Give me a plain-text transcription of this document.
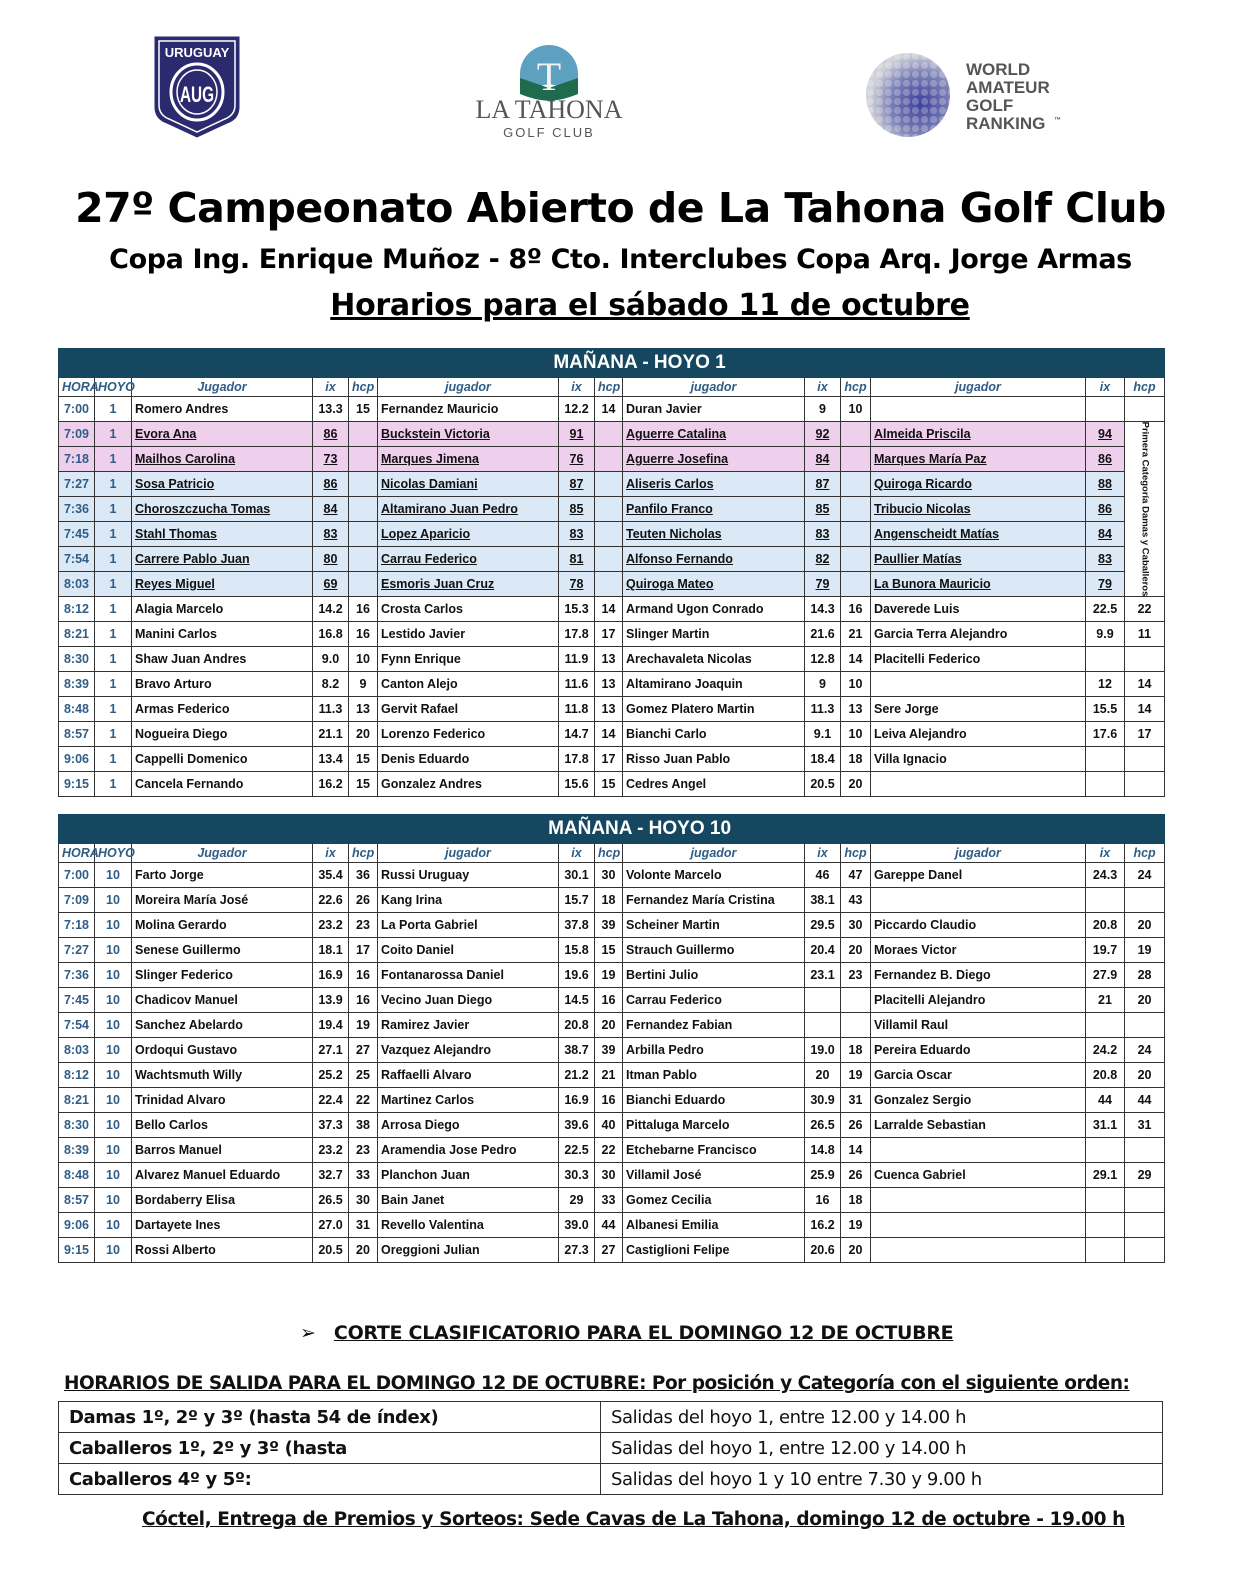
URUGUAY
AUG	T
LA TAHONA
GOLF CLUB
WORLD
AMATEUR
GOLF
RANKING ™
27º Campeonato Abierto de La Tahona Golf Club
Copa Ing. Enrique Muñoz - 8º Cto. Interclubes Copa Arq. Jorge Armas
Horarios para el sábado 11 de octubre
MAÑANA - HOYO 1													
HORA	HOYO	Jugador	ix	hcp	jugador	ix	hcp	jugador	ix	hcp	jugador	ix	hcp
7:00	1	Romero Andres	13.3	15	Fernandez Mauricio	12.2	14	Duran Javier	9	10			
7:09	1	Evora Ana	86		Buckstein Victoria	91		Aguerre Catalina	92		Almeida Priscila	94	Primera Categoría Damas y Caballeros

7:18	1	Mailhos Carolina	73		Marques Jimena	76		Aguerre Josefina	84		Marques María Paz	86	
7:27	1	Sosa Patricio	86		Nicolas Damiani	87		Aliseris Carlos	87		Quiroga Ricardo	88	
7:36	1	Choroszczucha Tomas	84		Altamirano Juan Pedro	85		Panfilo Franco	85		Tribucio Nicolas	86	
7:45	1	Stahl Thomas	83		Lopez Aparicio	83		Teuten Nicholas	83		Angenscheidt Matías	84	
7:54	1	Carrere Pablo Juan	80		Carrau Federico	81		Alfonso Fernando	82		Paullier Matías	83	
8:03	1	Reyes Miguel	69		Esmoris Juan Cruz	78		Quiroga Mateo	79		La Bunora Mauricio	79	
8:12	1	Alagia Marcelo	14.2	16	Crosta Carlos	15.3	14	Armand Ugon Conrado	14.3	16	Daverede Luis	22.5	22
8:21	1	Manini Carlos	16.8	16	Lestido Javier	17.8	17	Slinger Martin	21.6	21	Garcia Terra Alejandro	9.9	11
8:30	1	Shaw Juan Andres	9.0	10	Fynn Enrique	11.9	13	Arechavaleta Nicolas	12.8	14	Placitelli Federico		
8:39	1	Bravo Arturo	8.2	9	Canton Alejo	11.6	13	Altamirano Joaquin	9	10		12	14
8:48	1	Armas Federico	11.3	13	Gervit Rafael	11.8	13	Gomez Platero Martin	11.3	13	Sere Jorge	15.5	14
8:57	1	Nogueira Diego	21.1	20	Lorenzo Federico	14.7	14	Bianchi Carlo	9.1	10	Leiva Alejandro	17.6	17
9:06	1	Cappelli Domenico	13.4	15	Denis Eduardo	17.8	17	Risso Juan Pablo	18.4	18	Villa Ignacio		
9:15	1	Cancela Fernando	16.2	15	Gonzalez Andres	15.6	15	Cedres Angel	20.5	20			
MAÑANA - HOYO 10													
HORA	HOYO	Jugador	ix	hcp	jugador	ix	hcp	jugador	ix	hcp	jugador	ix	hcp
7:00	10	Farto Jorge	35.4	36	Russi Uruguay	30.1	30	Volonte Marcelo	46	47	Gareppe Danel	24.3	24
7:09	10	Moreira María José	22.6	26	Kang Irina	15.7	18	Fernandez María Cristina	38.1	43			
7:18	10	Molina Gerardo	23.2	23	La Porta Gabriel	37.8	39	Scheiner Martin	29.5	30	Piccardo Claudio	20.8	20
7:27	10	Senese Guillermo	18.1	17	Coito Daniel	15.8	15	Strauch Guillermo	20.4	20	Moraes Victor	19.7	19
7:36	10	Slinger Federico	16.9	16	Fontanarossa Daniel	19.6	19	Bertini Julio	23.1	23	Fernandez B. Diego	27.9	28
7:45	10	Chadicov Manuel	13.9	16	Vecino Juan Diego	14.5	16	Carrau Federico			Placitelli Alejandro	21	20
7:54	10	Sanchez Abelardo	19.4	19	Ramirez Javier	20.8	20	Fernandez Fabian			Villamil Raul		
8:03	10	Ordoqui Gustavo	27.1	27	Vazquez Alejandro	38.7	39	Arbilla Pedro	19.0	18	Pereira Eduardo	24.2	24
8:12	10	Wachtsmuth Willy	25.2	25	Raffaelli Alvaro	21.2	21	Itman Pablo	20	19	Garcia Oscar	20.8	20
8:21	10	Trinidad Alvaro	22.4	22	Martinez Carlos	16.9	16	Bianchi Eduardo	30.9	31	Gonzalez Sergio	44	44
8:30	10	Bello Carlos	37.3	38	Arrosa Diego	39.6	40	Pittaluga Marcelo	26.5	26	Larralde Sebastian	31.1	31
8:39	10	Barros Manuel	23.2	23	Aramendia Jose Pedro	22.5	22	Etchebarne Francisco	14.8	14			
8:48	10	Alvarez Manuel Eduardo	32.7	33	Planchon Juan	30.3	30	Villamil José	25.9	26	Cuenca Gabriel	29.1	29
8:57	10	Bordaberry Elisa	26.5	30	Bain Janet	29	33	Gomez Cecilia	16	18			
9:06	10	Dartayete Ines	27.0	31	Revello Valentina	39.0	44	Albanesi Emilia	16.2	19			
9:15	10	Rossi Alberto	20.5	20	Oreggioni Julian	27.3	27	Castiglioni Felipe	20.6	20			
➢ CORTE CLASIFICATORIO PARA EL DOMINGO 12 DE OCTUBRE
HORARIOS DE SALIDA PARA EL DOMINGO 12 DE OCTUBRE: Por posición y Categoría con el siguiente orden:
Damas 1º, 2º y 3º (hasta 54 de índex)	Salidas del hoyo 1, entre 12.00 y 14.00 h
Caballeros 1º, 2º y 3º (hasta	Salidas del hoyo 1, entre 12.00 y 14.00 h
Caballeros 4º y 5º:	Salidas del hoyo 1 y 10 entre 7.30 y 9.00 h
Cóctel, Entrega de Premios y Sorteos: Sede Cavas de La Tahona, domingo 12 de octubre - 19.00 h
